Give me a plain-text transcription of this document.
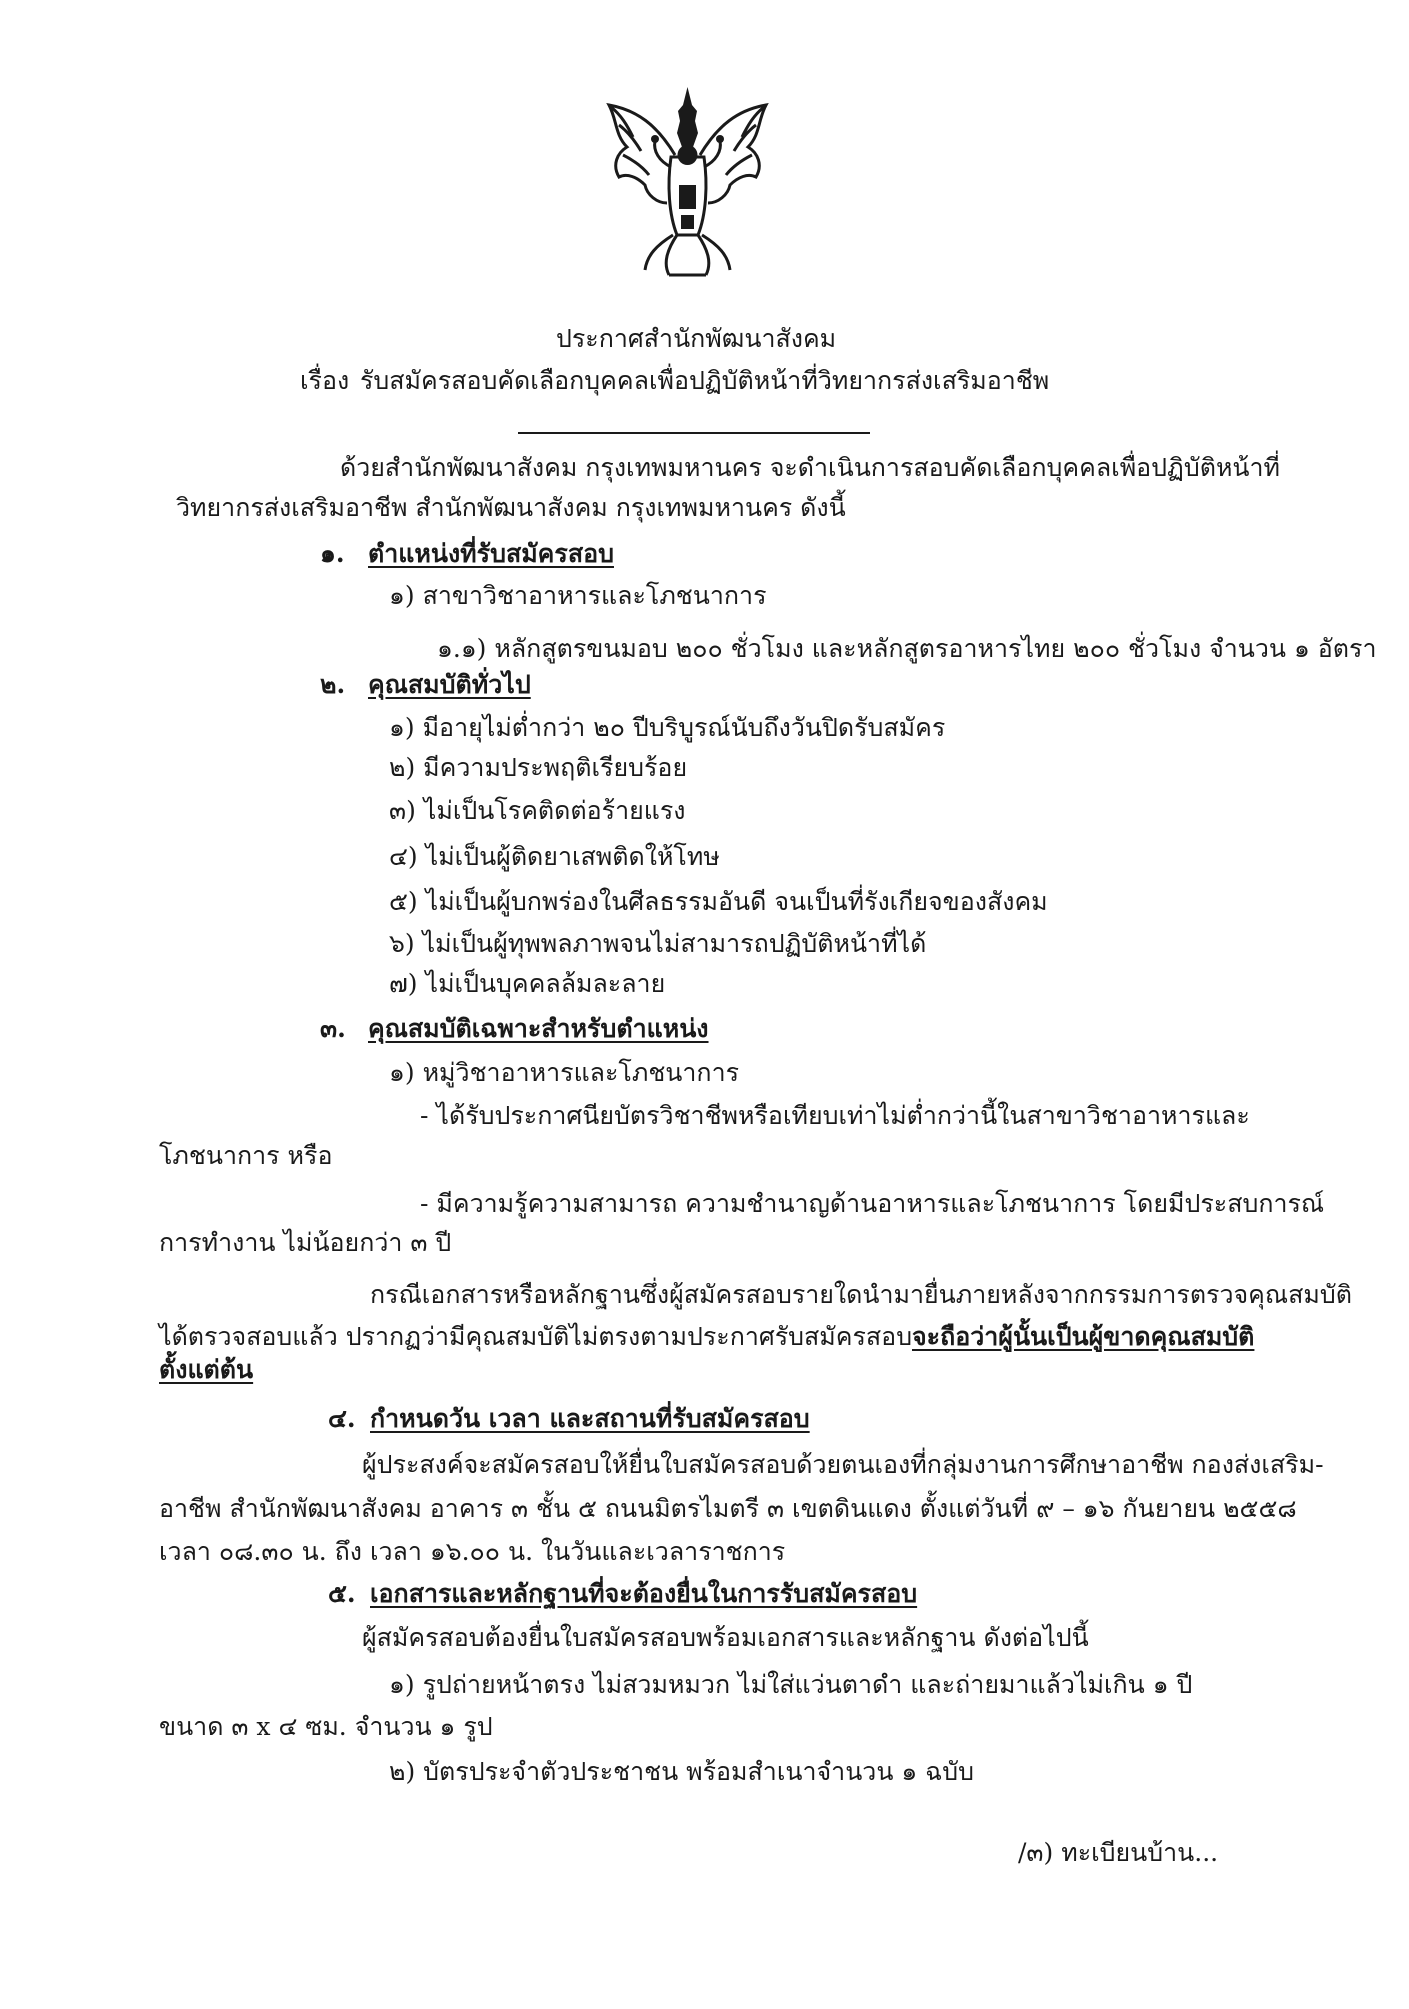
ประกาศสำนักพัฒนาสังคม
เรื่อง รับสมัครสอบคัดเลือกบุคคลเพื่อปฏิบัติหน้าที่วิทยากรส่งเสริมอาชีพ
ด้วยสำนักพัฒนาสังคม กรุงเทพมหานคร จะดำเนินการสอบคัดเลือกบุคคลเพื่อปฏิบัติหน้าที่
วิทยากรส่งเสริมอาชีพ สำนักพัฒนาสังคม กรุงเทพมหานคร ดังนี้
๑. ตำแหน่งที่รับสมัครสอบ
๑) สาขาวิชาอาหารและโภชนาการ
๑.๑) หลักสูตรขนมอบ ๒๐๐ ชั่วโมง และหลักสูตรอาหารไทย ๒๐๐ ชั่วโมง จำนวน ๑ อัตรา
๒. คุณสมบัติทั่วไป
๑) มีอายุไม่ต่ำกว่า ๒๐ ปีบริบูรณ์นับถึงวันปิดรับสมัคร
๒) มีความประพฤติเรียบร้อย
๓) ไม่เป็นโรคติดต่อร้ายแรง
๔) ไม่เป็นผู้ติดยาเสพติดให้โทษ
๕) ไม่เป็นผู้บกพร่องในศีลธรรมอันดี จนเป็นที่รังเกียจของสังคม
๖) ไม่เป็นผู้ทุพพลภาพจนไม่สามารถปฏิบัติหน้าที่ได้
๗) ไม่เป็นบุคคลล้มละลาย
๓. คุณสมบัติเฉพาะสำหรับตำแหน่ง
๑) หมู่วิชาอาหารและโภชนาการ
- ได้รับประกาศนียบัตรวิชาชีพหรือเทียบเท่าไม่ต่ำกว่านี้ในสาขาวิชาอาหารและ
โภชนาการ หรือ
- มีความรู้ความสามารถ ความชำนาญด้านอาหารและโภชนาการ โดยมีประสบการณ์
การทำงาน ไม่น้อยกว่า ๓ ปี
กรณีเอกสารหรือหลักฐานซึ่งผู้สมัครสอบรายใดนำมายื่นภายหลังจากกรรมการตรวจคุณสมบัติ
ได้ตรวจสอบแล้ว ปรากฏว่ามีคุณสมบัติไม่ตรงตามประกาศรับสมัครสอบ จะถือว่าผู้นั้นเป็นผู้ขาดคุณสมบัติ
ตั้งแต่ต้น
๔. กำหนดวัน เวลา และสถานที่รับสมัครสอบ
ผู้ประสงค์จะสมัครสอบให้ยื่นใบสมัครสอบด้วยตนเองที่กลุ่มงานการศึกษาอาชีพ กองส่งเสริม-
อาชีพ สำนักพัฒนาสังคม อาคาร ๓ ชั้น ๕ ถนนมิตรไมตรี ๓ เขตดินแดง ตั้งแต่วันที่ ๙ – ๑๖ กันยายน ๒๕๕๘
เวลา ๐๘.๓๐ น. ถึง เวลา ๑๖.๐๐ น. ในวันและเวลาราชการ
๕. เอกสารและหลักฐานที่จะต้องยื่นในการรับสมัครสอบ
ผู้สมัครสอบต้องยื่นใบสมัครสอบพร้อมเอกสารและหลักฐาน ดังต่อไปนี้
๑) รูปถ่ายหน้าตรง ไม่สวมหมวก ไม่ใส่แว่นตาดำ และถ่ายมาแล้วไม่เกิน ๑ ปี
ขนาด ๓ x ๔ ซม. จำนวน ๑ รูป
๒) บัตรประจำตัวประชาชน พร้อมสำเนาจำนวน ๑ ฉบับ
/๓) ทะเบียนบ้าน...
